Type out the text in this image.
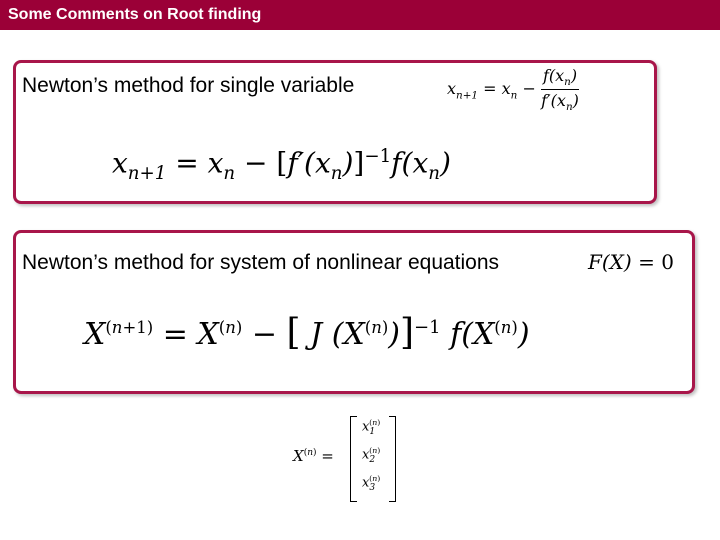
Some Comments on Root finding
Newton’s method for single variable	$x_{n+1} = x_n - \frac{f(x_n)}{f'(x_n)}$
$x_{n+1} = x_n - [f'(x_n)]^{-1}f(x_n)$
Newton’s method for system of nonlinear equations	F(X) = 0
$X^{(n+1)} = X^{(n)}$ − [ J $(X^{(n)})]^{-1}$ $f(X^{(n)})$
$X^{(n)}$ =
$x_1^{(n)}$
$x_2^{(n)}$
$x_3^{(n)}$
